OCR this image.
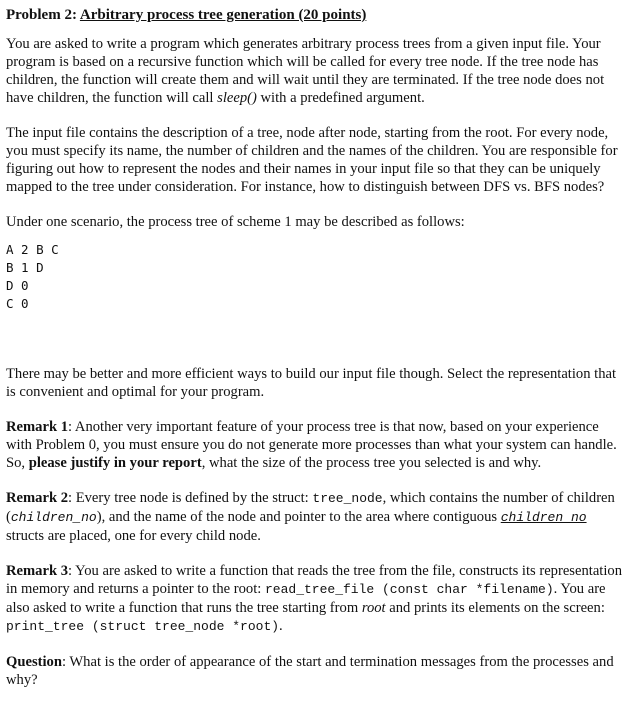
Problem 2: Arbitrary process tree generation (20 points)

You are asked to write a program which generates arbitrary process trees from a given input file. Your program is based on a recursive function which will be called for every tree node. If the tree node has children, the function will create them and will wait until they are terminated. If the tree node does not have children, the function will call sleep() with a predefined argument.

The input file contains the description of a tree, node after node, starting from the root. For every node, you must specify its name, the number of children and the names of the children. You are responsible for figuring out how to represent the nodes and their names in your input file so that they can be uniquely mapped to the tree under consideration. For instance, how to distinguish between DFS vs. BFS nodes?

Under one scenario, the process tree of scheme 1 may be described as follows:

A 2 B C
B 1 D
D 0
C 0

There may be better and more efficient ways to build our input file though. Select the representation that is convenient and optimal for your program.

Remark 1: Another very important feature of your process tree is that now, based on your experience with Problem 0, you must ensure you do not generate more processes than what your system can handle. So, please justify in your report, what the size of the process tree you selected is and why.

Remark 2: Every tree node is defined by the struct: tree_node, which contains the number of children (children_no), and the name of the node and pointer to the area where contiguous children_no structs are placed, one for every child node.

Remark 3: You are asked to write a function that reads the tree from the file, constructs its representation in memory and returns a pointer to the root: read_tree_file (const char *filename). You are also asked to write a function that runs the tree starting from root and prints its elements on the screen: print_tree (struct tree_node *root).

Question: What is the order of appearance of the start and termination messages from the processes and why?
